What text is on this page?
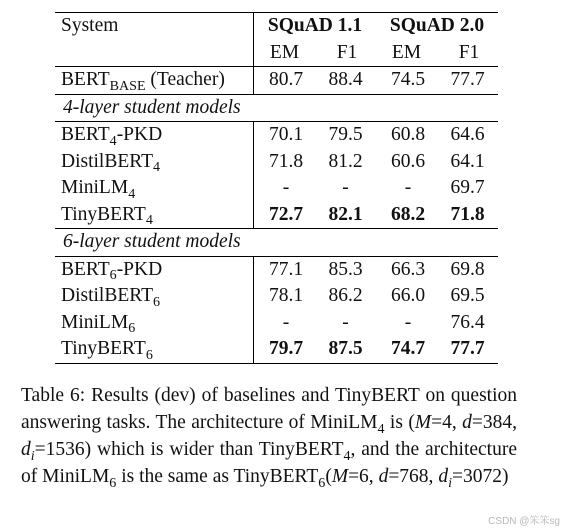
System	SQuAD 1.1		SQuAD 2.0	
	EM	F1	EM	F1
$BERT_{BASE}$ (Teacher)	80.7	88.4	74.5	77.7
4-layer student models				
$BERT_4$-PKD	70.1	79.5	60.8	64.6
DistilBERT$_4$	71.8	81.2	60.6	64.1
MiniLM$_4$	-	-	-	69.7
TinyBERT$_4$	72.7	82.1	68.2	71.8
6-layer student models				
$BERT_6$-PKD	77.1	85.3	66.3	69.8
DistilBERT$_6$	78.1	86.2	66.0	69.5
MiniLM$_6$	-	-	-	76.4
TinyBERT$_6$	79.7	87.5	74.7	77.7

Table 6: Results (dev) of baselines and TinyBERT on question answering tasks. The architecture of MiniLM$_4$ is (M=4, d=384, $d_i=1536$) which is wider than TinyBERT$_4$, and the architecture of MiniLM$_6$ is the same as TinyBERT$_6$(M=6, d=768, $d_i=3072$)

CSDN @笨笨sg
